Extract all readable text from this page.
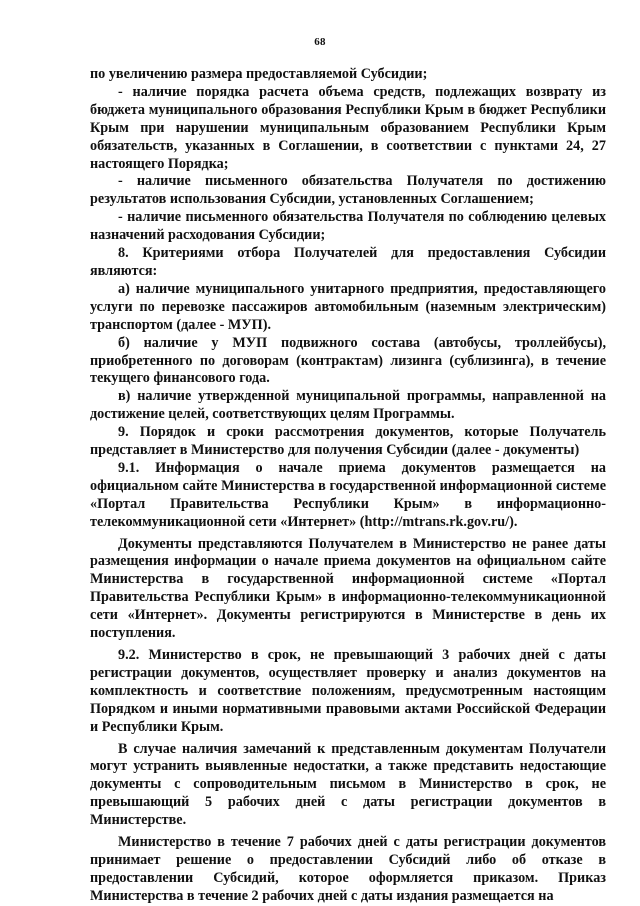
68

по увеличению размера предоставляемой Субсидии;

- наличие порядка расчета объема средств, подлежащих возврату из бюджета муниципального образования Республики Крым в бюджет Республики Крым при нарушении муниципальным образованием Республики Крым обязательств, указанных в Соглашении, в соответствии с пунктами 24, 27 настоящего Порядка;

- наличие письменного обязательства Получателя по достижению результатов использования Субсидии, установленных Соглашением;

- наличие письменного обязательства Получателя по соблюдению целевых назначений расходования Субсидии;

8. Критериями отбора Получателей для предоставления Субсидии являются:

а) наличие муниципального унитарного предприятия, предоставляющего услуги по перевозке пассажиров автомобильным (наземным электрическим) транспортом (далее - МУП).

б) наличие у МУП подвижного состава (автобусы, троллейбусы), приобретенного по договорам (контрактам) лизинга (сублизинга), в течение текущего финансового года.

в) наличие утвержденной муниципальной программы, направленной на достижение целей, соответствующих целям Программы.

9. Порядок и сроки рассмотрения документов, которые Получатель представляет в Министерство для получения Субсидии (далее - документы)

9.1. Информация о начале приема документов размещается на официальном сайте Министерства в государственной информационной системе «Портал Правительства Республики Крым» в информационно-телекоммуникационной сети «Интернет» (http://mtrans.rk.gov.ru/).

Документы представляются Получателем в Министерство не ранее даты размещения информации о начале приема документов на официальном сайте Министерства в государственной информационной системе «Портал Правительства Республики Крым» в информационно-телекоммуникационной сети «Интернет». Документы регистрируются в Министерстве в день их поступления.

9.2. Министерство в срок, не превышающий 3 рабочих дней с даты регистрации документов, осуществляет проверку и анализ документов на комплектность и соответствие положениям, предусмотренным настоящим Порядком и иными нормативными правовыми актами Российской Федерации и Республики Крым.

В случае наличия замечаний к представленным документам Получатели могут устранить выявленные недостатки, а также представить недостающие документы с сопроводительным письмом в Министерство в срок, не превышающий 5 рабочих дней с даты регистрации документов в Министерстве.

Министерство в течение 7 рабочих дней с даты регистрации документов принимает решение о предоставлении Субсидий либо об отказе в предоставлении Субсидий, которое оформляется приказом. Приказ Министерства в течение 2 рабочих дней с даты издания размещается на
